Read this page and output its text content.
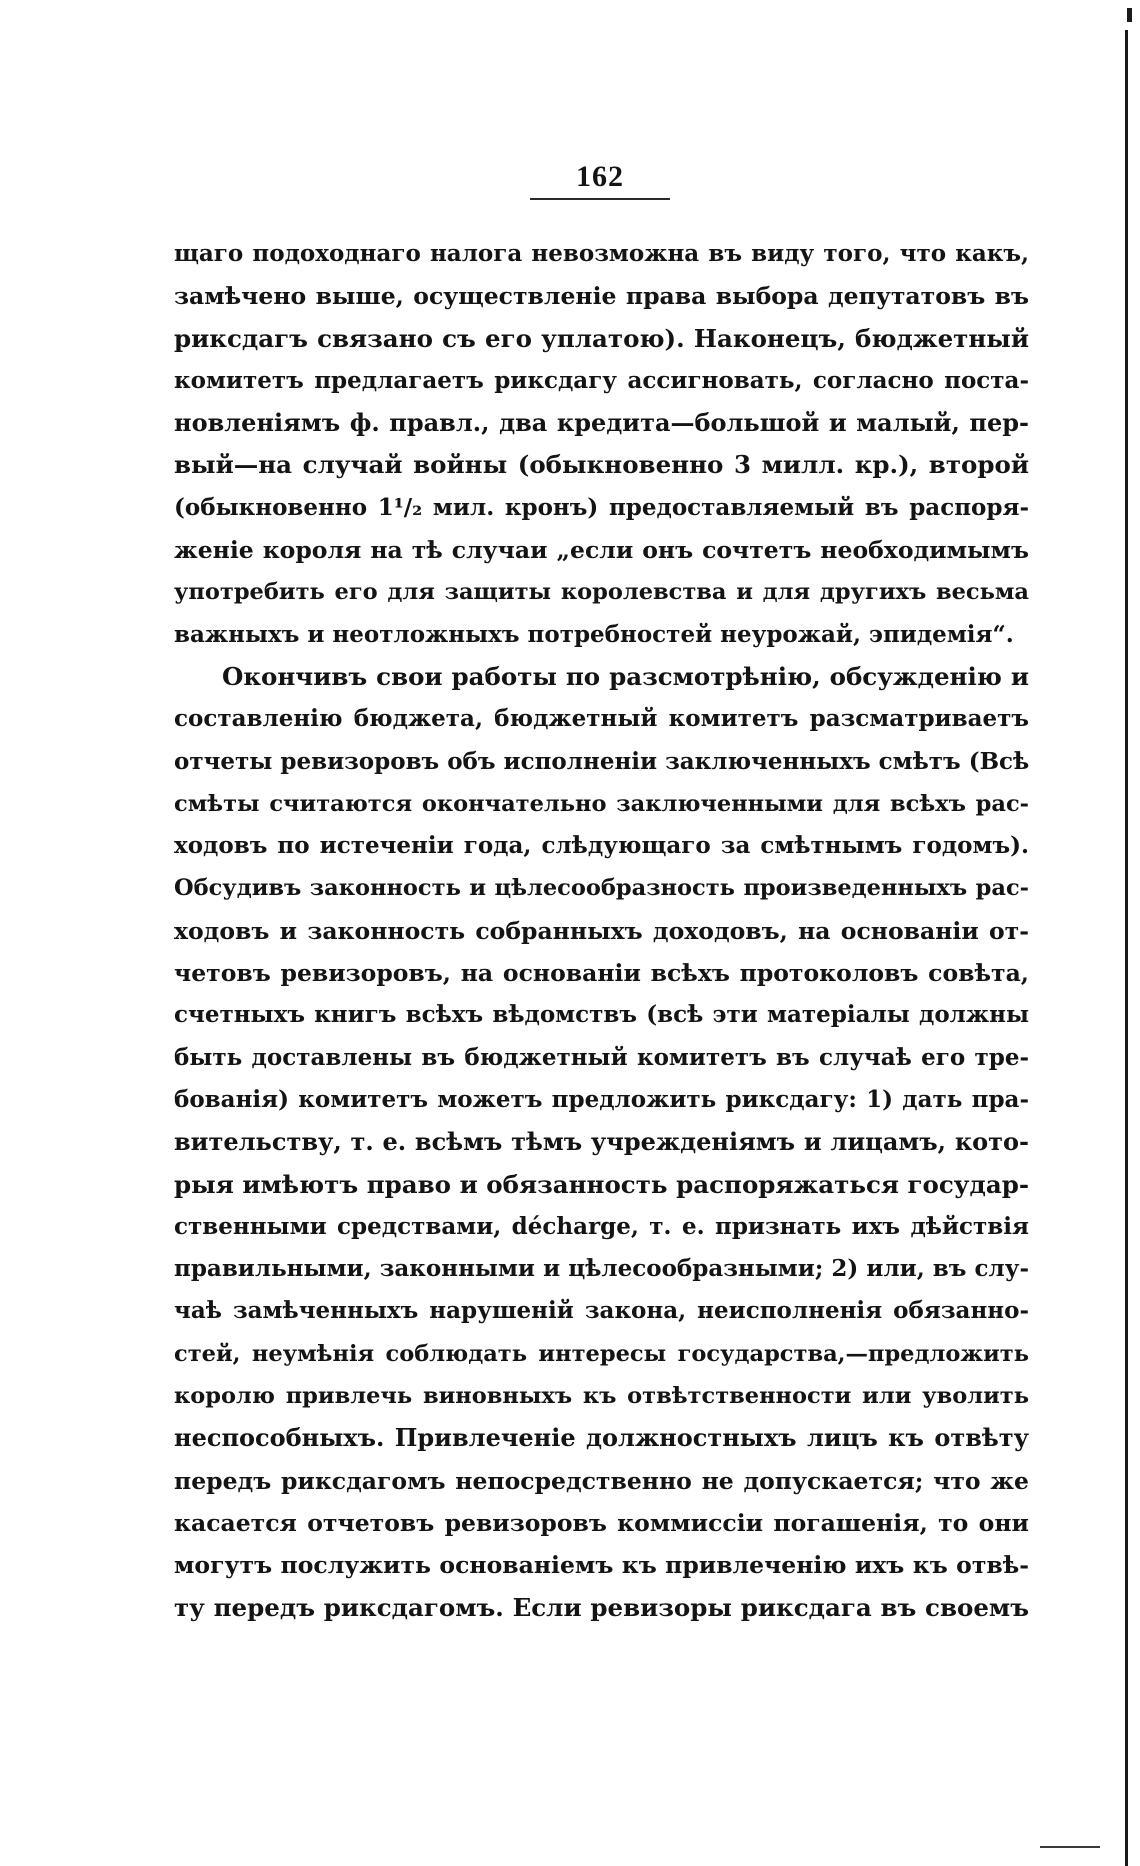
162
щаго подоходнаго налога невозможна въ виду того, что какъ,
замѣчено выше, осуществленіе права выбора депутатовъ въ
риксдагъ связано съ его уплатою). Наконецъ, бюджетный
комитетъ предлагаетъ риксдагу ассигновать, согласно поста-
новленіямъ ф. правл., два кредита—большой и малый, пер-
вый—на случай войны (обыкновенно 3 милл. кр.), второй
(обыкновенно 1¹/₂ мил. кронъ) предоставляемый въ распоря-
женіе короля на тѣ случаи „если онъ сочтетъ необходимымъ
употребить его для защиты королевства и для другихъ весьма
важныхъ и неотложныхъ потребностей неурожай, эпидемія“.
Окончивъ свои работы по разсмотрѣнію, обсужденію и
составленію бюджета, бюджетный комитетъ разсматриваетъ
отчеты ревизоровъ объ исполненіи заключенныхъ смѣтъ (Всѣ
смѣты считаются окончательно заключенными для всѣхъ рас-
ходовъ по истеченіи года, слѣдующаго за смѣтнымъ годомъ).
Обсудивъ законность и цѣлесообразность произведенныхъ рас-
ходовъ и законность собранныхъ доходовъ, на основаніи от-
четовъ ревизоровъ, на основаніи всѣхъ протоколовъ совѣта,
счетныхъ книгъ всѣхъ вѣдомствъ (всѣ эти матеріалы должны
быть доставлены въ бюджетный комитетъ въ случаѣ его тре-
бованія) комитетъ можетъ предложить риксдагу: 1) дать пра-
вительству, т. е. всѣмъ тѣмъ учрежденіямъ и лицамъ, кото-
рыя имѣютъ право и обязанность распоряжаться государ-
ственными средствами, décharge, т. е. признать ихъ дѣйствія
правильными, законными и цѣлесообразными; 2) или, въ слу-
чаѣ замѣченныхъ нарушеній закона, неисполненія обязанно-
стей, неумѣнія соблюдать интересы государства,—предложить
королю привлечь виновныхъ къ отвѣтственности или уволить
неспособныхъ. Привлеченіе должностныхъ лицъ къ отвѣту
передъ риксдагомъ непосредственно не допускается; что же
касается отчетовъ ревизоровъ коммиссіи погашенія, то они
могутъ послужить основаніемъ къ привлеченію ихъ къ отвѣ-
ту передъ риксдагомъ. Если ревизоры риксдага въ своемъ
